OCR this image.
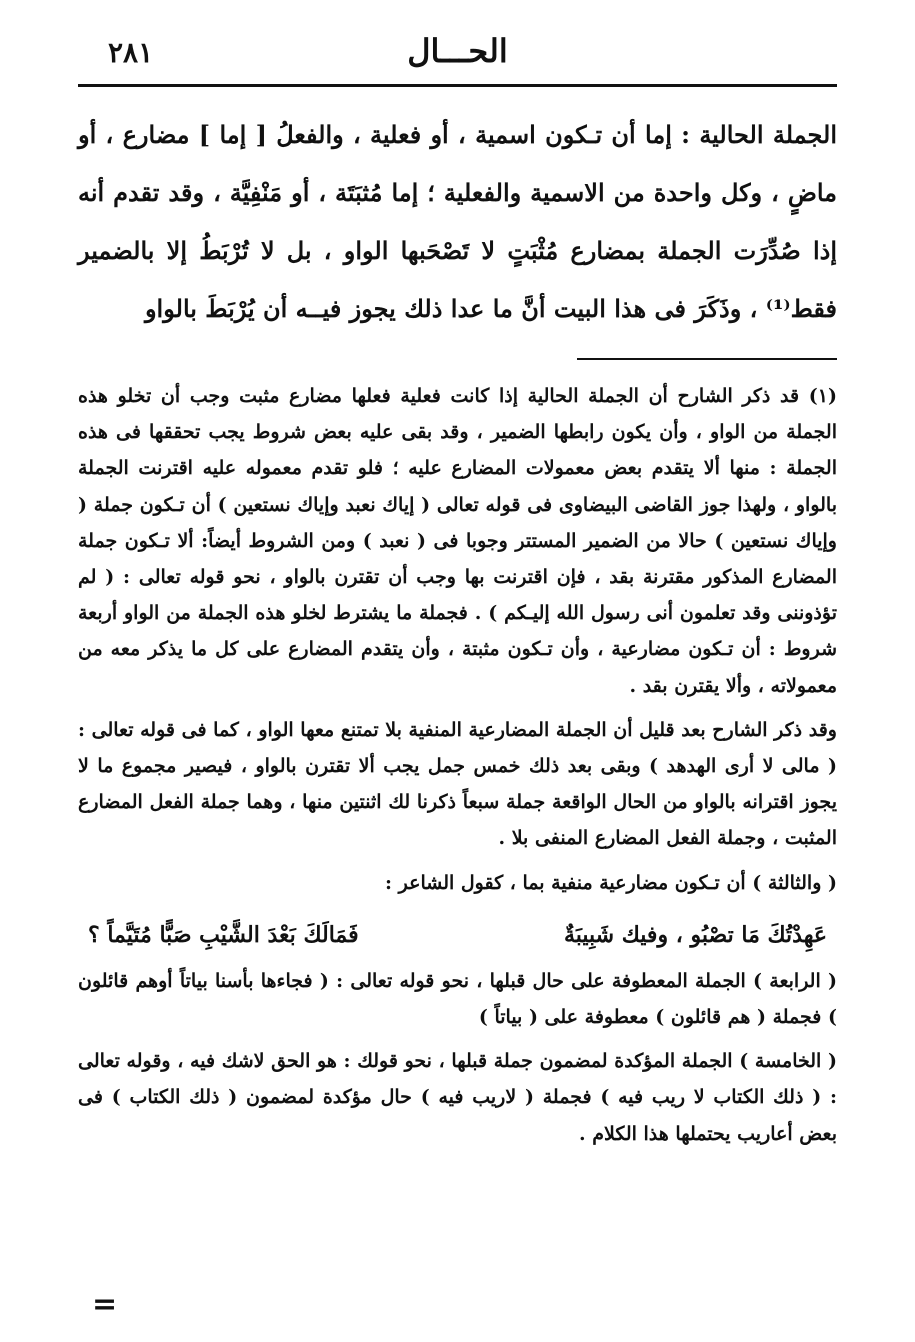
٢٨١	الحـــال

الجملة الحالية : إما أن تـكون اسمية ، أو فعلية ، والفعلُ [ إما ] مضارع ، أو ماضٍ ، وكل واحدة من الاسمية والفعلية ؛ إما مُثبَتَة ، أو مَنْفِيَّة ، وقد تقدم أنه إذا صُدِّرَت الجملة بمضارع مُثْبَتٍ لا تَصْحَبها الواو ، بل لا تُرْبَطُ إلا بالضمير فقط⁽¹⁾ ، وذَكَرَ فى هذا البيت أنَّ ما عدا ذلك يجوز فيــه أن يُرْبَطَ بالواو

(١) قد ذكر الشارح أن الجملة الحالية إذا كانت فعلية فعلها مضارع مثبت وجب أن تخلو هذه الجملة من الواو ، وأن يكون رابطها الضمير ، وقد بقى عليه بعض شروط يجب تحققها فى هذه الجملة : منها ألا يتقدم بعض معمولات المضارع عليه ؛ فلو تقدم معموله عليه اقترنت الجملة بالواو ، ولهذا جوز القاضى البيضاوى فى قوله تعالى ( إياك نعبد وإياك نستعين ) أن تـكون جملة ( وإياك نستعين ) حالا من الضمير المستتر وجوبا فى ( نعبد ) ومن الشروط أيضاً: ألا تـكون جملة المضارع المذكور مقترنة بقد ، فإن اقترنت بها وجب أن تقترن بالواو ، نحو قوله تعالى : ( لم تؤذوننى وقد تعلمون أنى رسول الله إليـكم ) . فجملة ما يشترط لخلو هذه الجملة من الواو أربعة شروط : أن تـكون مضارعية ، وأن تـكون مثبتة ، وأن يتقدم المضارع على كل ما يذكر معه من معمولاته ، وألا يقترن بقد .

وقد ذكر الشارح بعد قليل أن الجملة المضارعية المنفية بلا تمتنع معها الواو ، كما فى قوله تعالى : ( مالى لا أرى الهدهد ) وبقى بعد ذلك خمس جمل يجب ألا تقترن بالواو ، فيصير مجموع ما لا يجوز اقترانه بالواو من الحال الواقعة جملة سبعاً ذكرنا لك اثنتين منها ، وهما جملة الفعل المضارع المثبت ، وجملة الفعل المضارع المنفى بلا .

( والثالثة ) أن تـكون مضارعية منفية بما ، كقول الشاعر :

عَهِدْتُكَ مَا تصْبُو ، وفيك شَبِيبَةٌ
فَمَالَكَ بَعْدَ الشَّيْبِ صَبًّا مُتَيَّماً ؟

( الرابعة ) الجملة المعطوفة على حال قبلها ، نحو قوله تعالى : ( فجاءها بأسنا بياتاً أوهم قائلون ) فجملة ( هم قائلون ) معطوفة على ( بياتاً )

( الخامسة ) الجملة المؤكدة لمضمون جملة قبلها ، نحو قولك : هو الحق لاشك فيه ، وقوله تعالى : ( ذلك الكتاب لا ريب فيه ) فجملة ( لاريب فيه ) حال مؤكدة لمضمون ( ذلك الكتاب ) فى بعض أعاريب يحتملها هذا الكلام .

=
